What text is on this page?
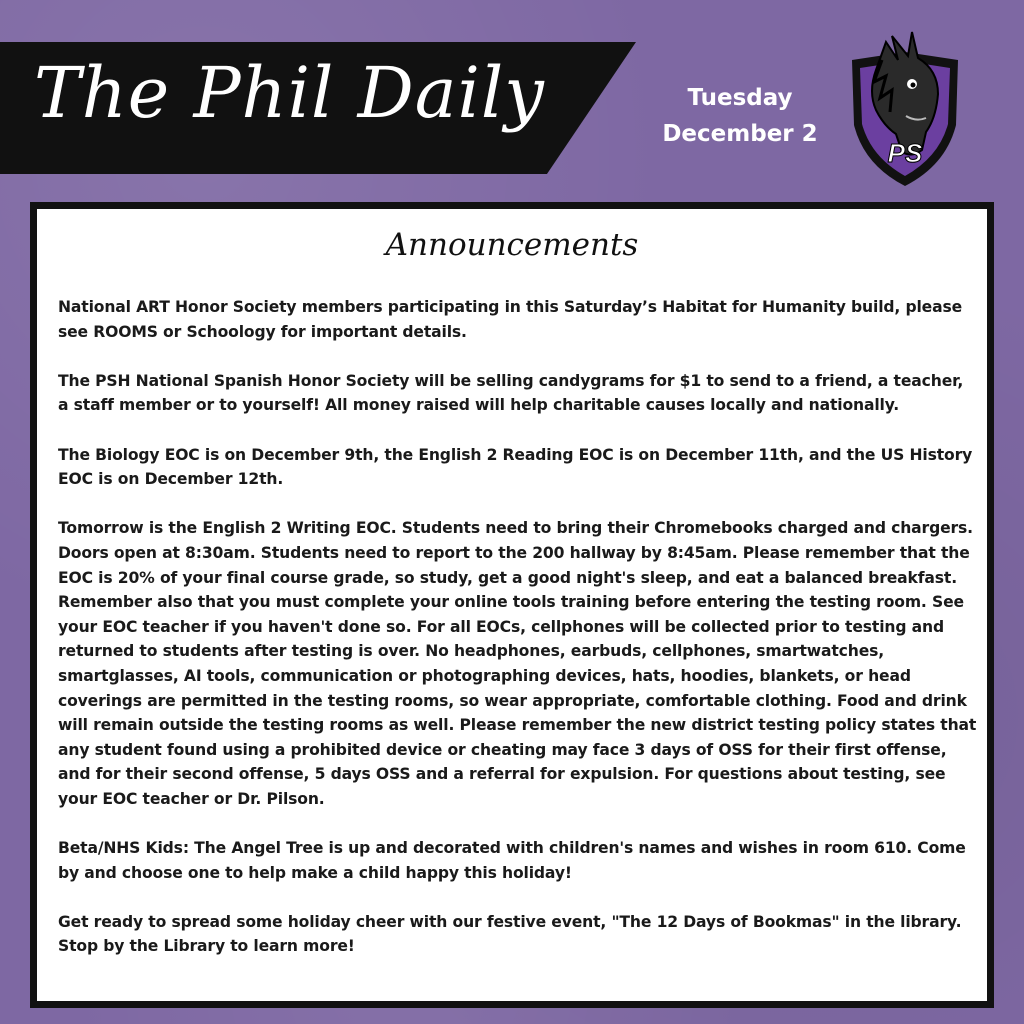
The Phil Daily	Tuesday
December 2
PS
Announcements

National ART Honor Society members participating in this Saturday’s Habitat for Humanity build, please see ROOMS or Schoology for important details.

The PSH National Spanish Honor Society will be selling candygrams for $1 to send to a friend, a teacher, a staff member or to yourself! All money raised will help charitable causes locally and nationally.

The Biology EOC is on December 9th, the English 2 Reading EOC is on December 11th, and the US History EOC is on December 12th.

Tomorrow is the English 2 Writing EOC. Students need to bring their Chromebooks charged and chargers. Doors open at 8:30am. Students need to report to the 200 hallway by 8:45am. Please remember that the EOC is 20% of your final course grade, so study, get a good night's sleep, and eat a balanced breakfast. Remember also that you must complete your online tools training before entering the testing room. See your EOC teacher if you haven't done so. For all EOCs, cellphones will be collected prior to testing and returned to students after testing is over. No headphones, earbuds, cellphones, smartwatches, smartglasses, AI tools, communication or photographing devices, hats, hoodies, blankets, or head coverings are permitted in the testing rooms, so wear appropriate, comfortable clothing. Food and drink will remain outside the testing rooms as well. Please remember the new district testing policy states that any student found using a prohibited device or cheating may face 3 days of OSS for their first offense, and for their second offense, 5 days OSS and a referral for expulsion. For questions about testing, see your EOC teacher or Dr. Pilson.

Beta/NHS Kids: The Angel Tree is up and decorated with children's names and wishes in room 610. Come by and choose one to help make a child happy this holiday!

Get ready to spread some holiday cheer with our festive event, "The 12 Days of Bookmas" in the library. Stop by the Library to learn more!
